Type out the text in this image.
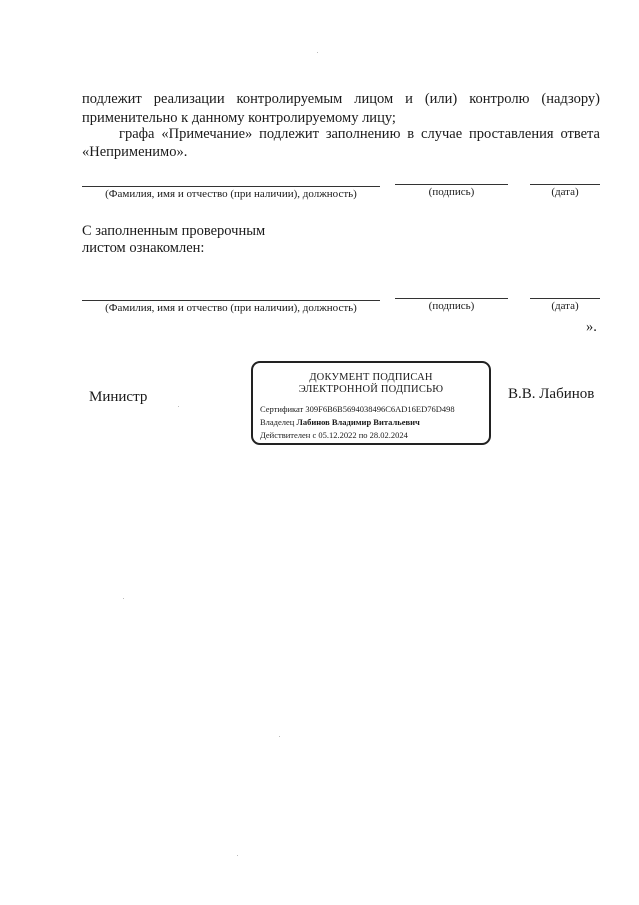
подлежит реализации контролируемым лицом и (или) контролю (надзору)
применительно к данному контролируемому лицу;
графа «Примечание» подлежит заполнению в случае проставления ответа
«Неприменимо».
(Фамилия, имя и отчество (при наличии), должность)	(подпись)	(дата)
С заполненным проверочным
листом ознакомлен:
(Фамилия, имя и отчество (при наличии), должность)	(подпись)	(дата)
».
Министр	В.В. Лабинов
ДОКУМЕНТ ПОДПИСАН
ЭЛЕКТРОННОЙ ПОДПИСЬЮ
Сертификат 309F6B6B5694038496C6AD16ED76D498
Владелец Лабинов Владимир Витальевич
Действителен с 05.12.2022 по 28.02.2024
